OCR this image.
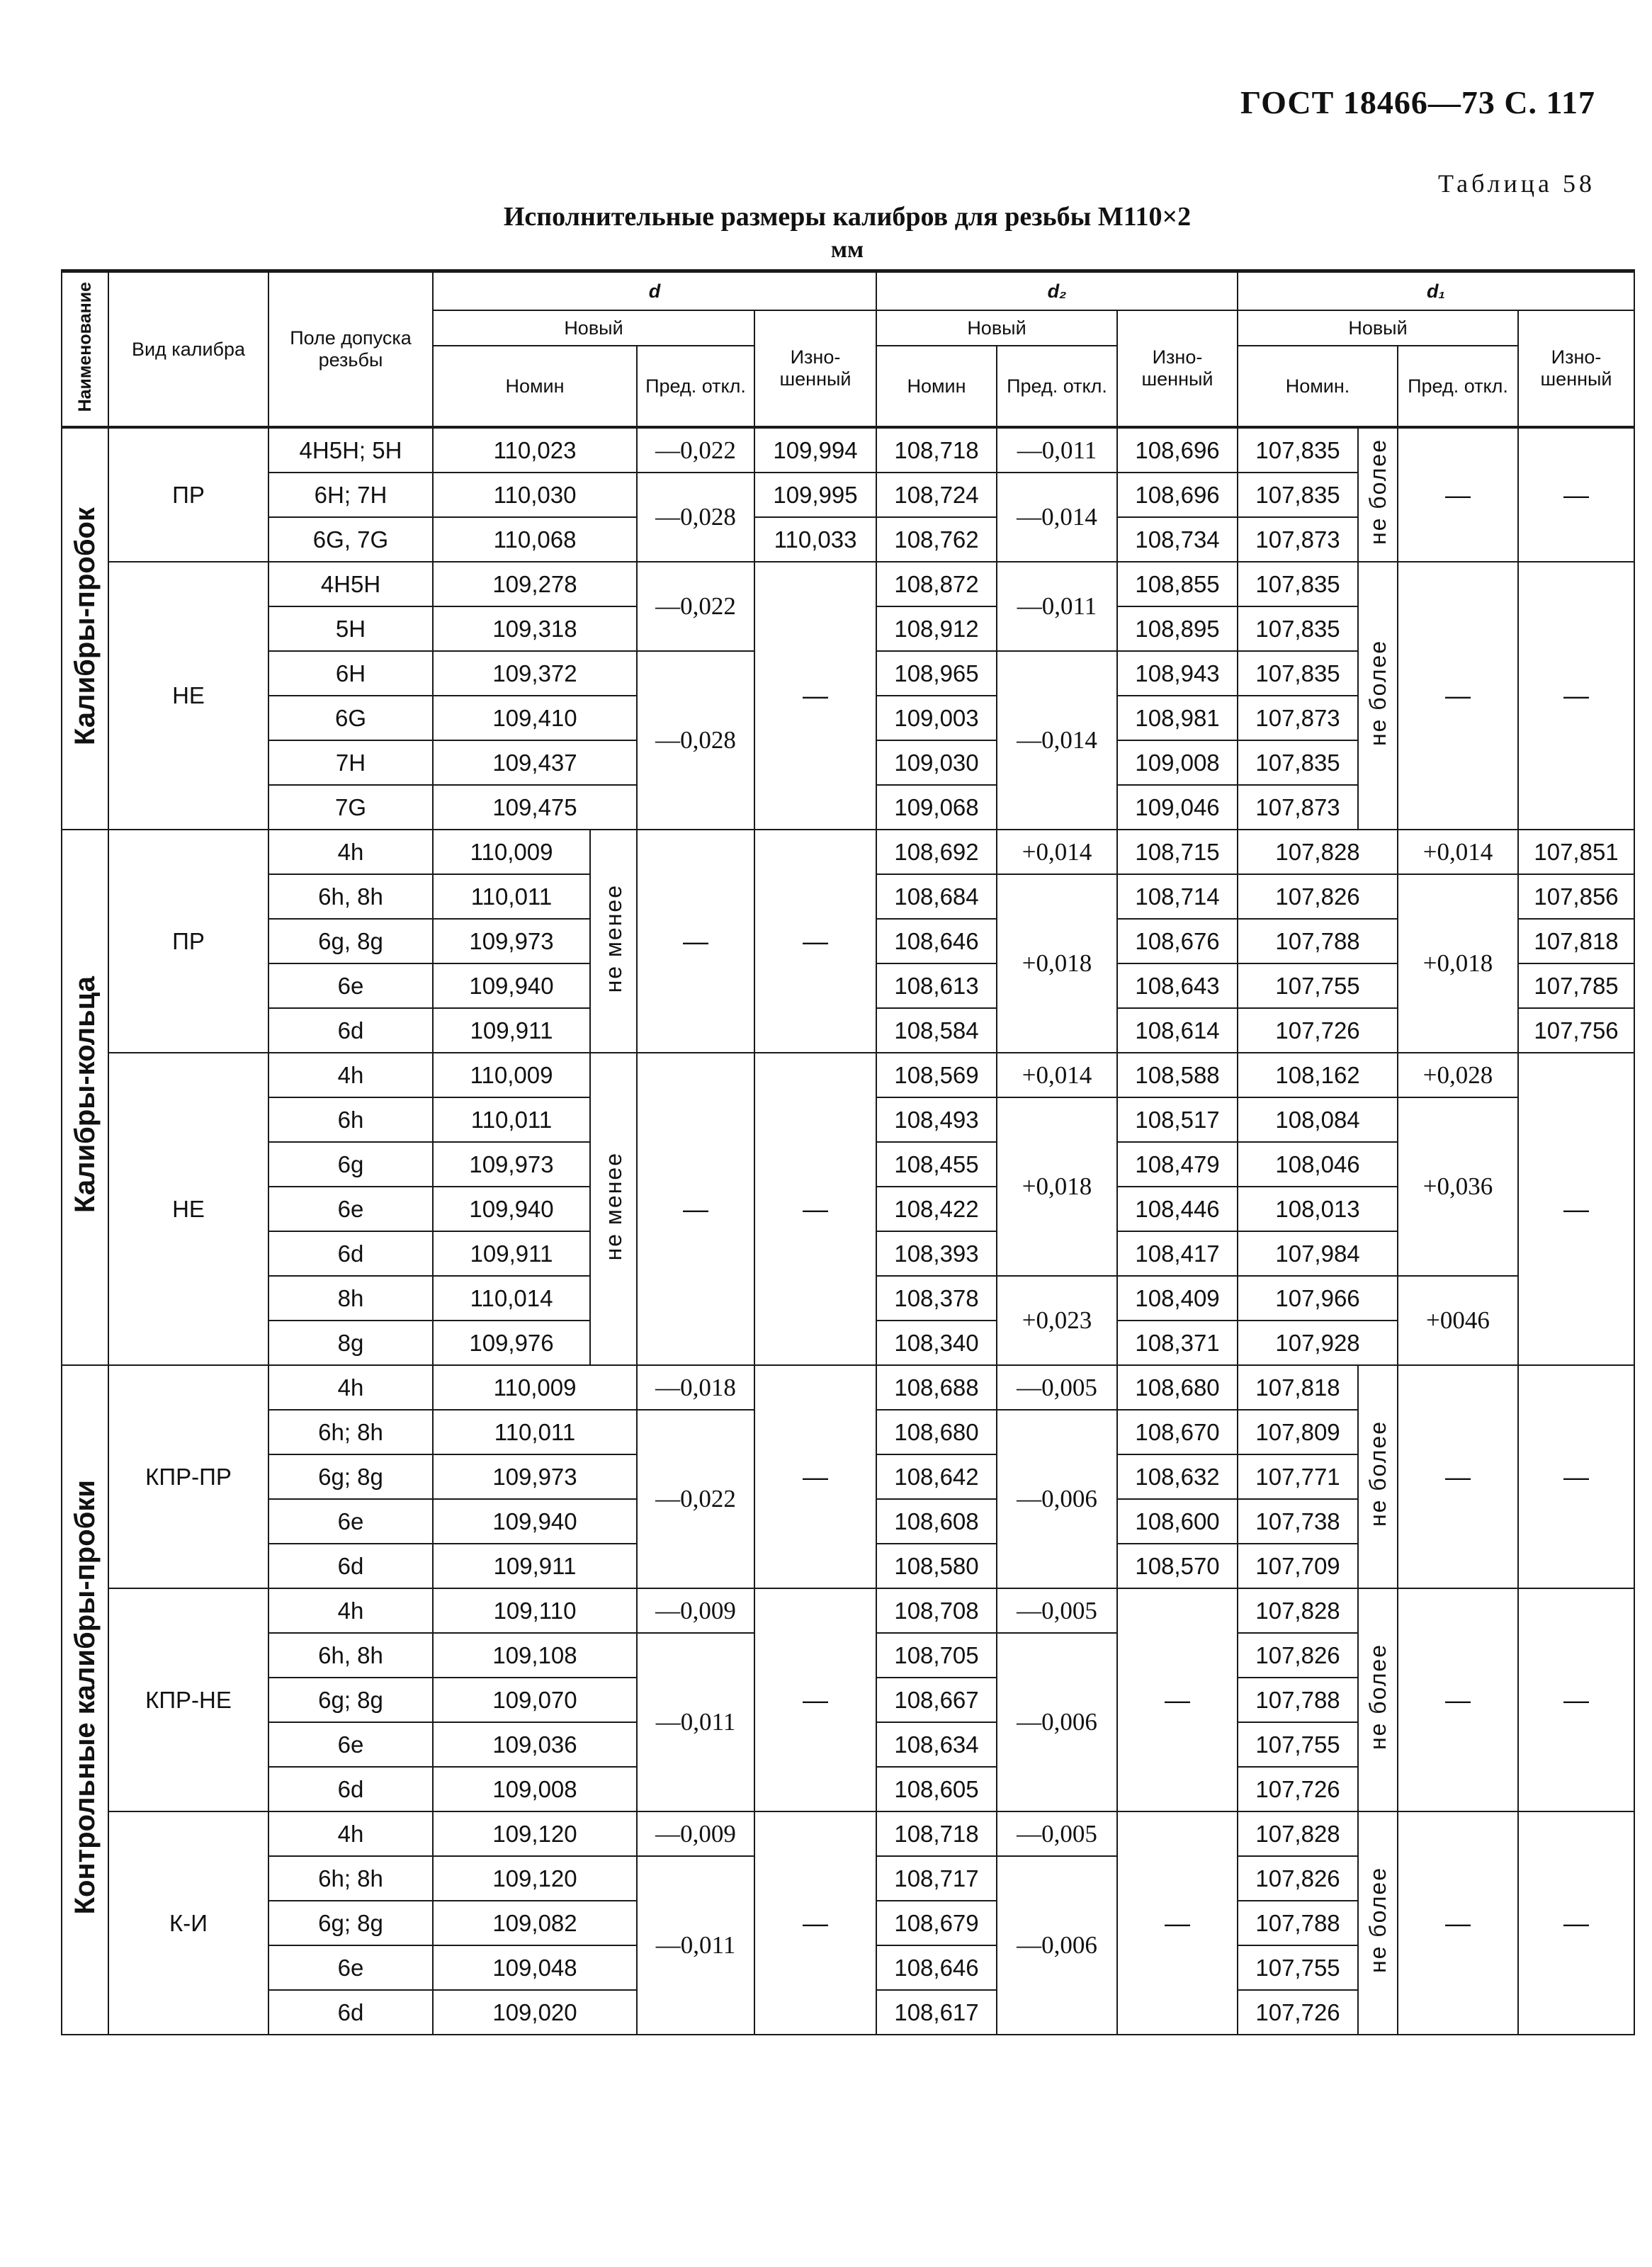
ГОСТ 18466—73 С. 117
Таблица 58
Исполнительные размеры калибров для резьбы M110×2
мм
Наименование	Вид калибра	Поле допуска резьбы	d				d₂			d₁			
			Новый			Изно-шенный	Новый		Изно-шенный	Новый			Изно-шенный
			Номин		Пред. откл.		Номин	Пред. откл.		Номин.		Пред. откл.	
Калибры-пробок	ПР	4H5H; 5H	110,023		—0,022	109,994	108,718	—0,011	108,696	107,835	не более	—	—
		6H; 7H	110,030		—0,028	109,995	108,724	—0,014	108,696	107,835			
		6G, 7G	110,068			110,033	108,762		108,734	107,873			
	НЕ	4H5H	109,278		—0,022	—	108,872	—0,011	108,855	107,835	не более	—	—
		5H	109,318				108,912		108,895	107,835			
		6H	109,372		—0,028		108,965	—0,014	108,943	107,835			
		6G	109,410				109,003		108,981	107,873			
		7H	109,437				109,030		109,008	107,835			
		7G	109,475				109,068		109,046	107,873			
Калибры-кольца	ПР	4h	110,009	не менее	—	—	108,692	+0,014	108,715	107,828		+0,014	107,851
		6h, 8h	110,011				108,684	+0,018	108,714	107,826		+0,018	107,856
		6g, 8g	109,973				108,646		108,676	107,788			107,818
		6e	109,940				108,613		108,643	107,755			107,785
		6d	109,911				108,584		108,614	107,726			107,756
	НЕ	4h	110,009	не менее	—	—	108,569	+0,014	108,588	108,162		+0,028	—
		6h	110,011				108,493	+0,018	108,517	108,084		+0,036	
		6g	109,973				108,455		108,479	108,046			
		6e	109,940				108,422		108,446	108,013			
		6d	109,911				108,393		108,417	107,984			
		8h	110,014				108,378	+0,023	108,409	107,966		+0046	
		8g	109,976				108,340		108,371	107,928			
Контрольные калибры-пробки	КПР-ПР	4h	110,009		—0,018	—	108,688	—0,005	108,680	107,818	не более	—	—
		6h; 8h	110,011		—0,022		108,680	—0,006	108,670	107,809			
		6g; 8g	109,973				108,642		108,632	107,771			
		6e	109,940				108,608		108,600	107,738			
		6d	109,911				108,580		108,570	107,709			
	КПР-НЕ	4h	109,110		—0,009	—	108,708	—0,005	—	107,828	не более	—	—
		6h, 8h	109,108		—0,011		108,705	—0,006		107,826			
		6g; 8g	109,070				108,667			107,788			
		6e	109,036				108,634			107,755			
		6d	109,008				108,605			107,726			
	К-И	4h	109,120		—0,009	—	108,718	—0,005	—	107,828	не более	—	—
		6h; 8h	109,120		—0,011		108,717	—0,006		107,826			
		6g; 8g	109,082				108,679			107,788			
		6e	109,048				108,646			107,755			
		6d	109,020				108,617			107,726			
